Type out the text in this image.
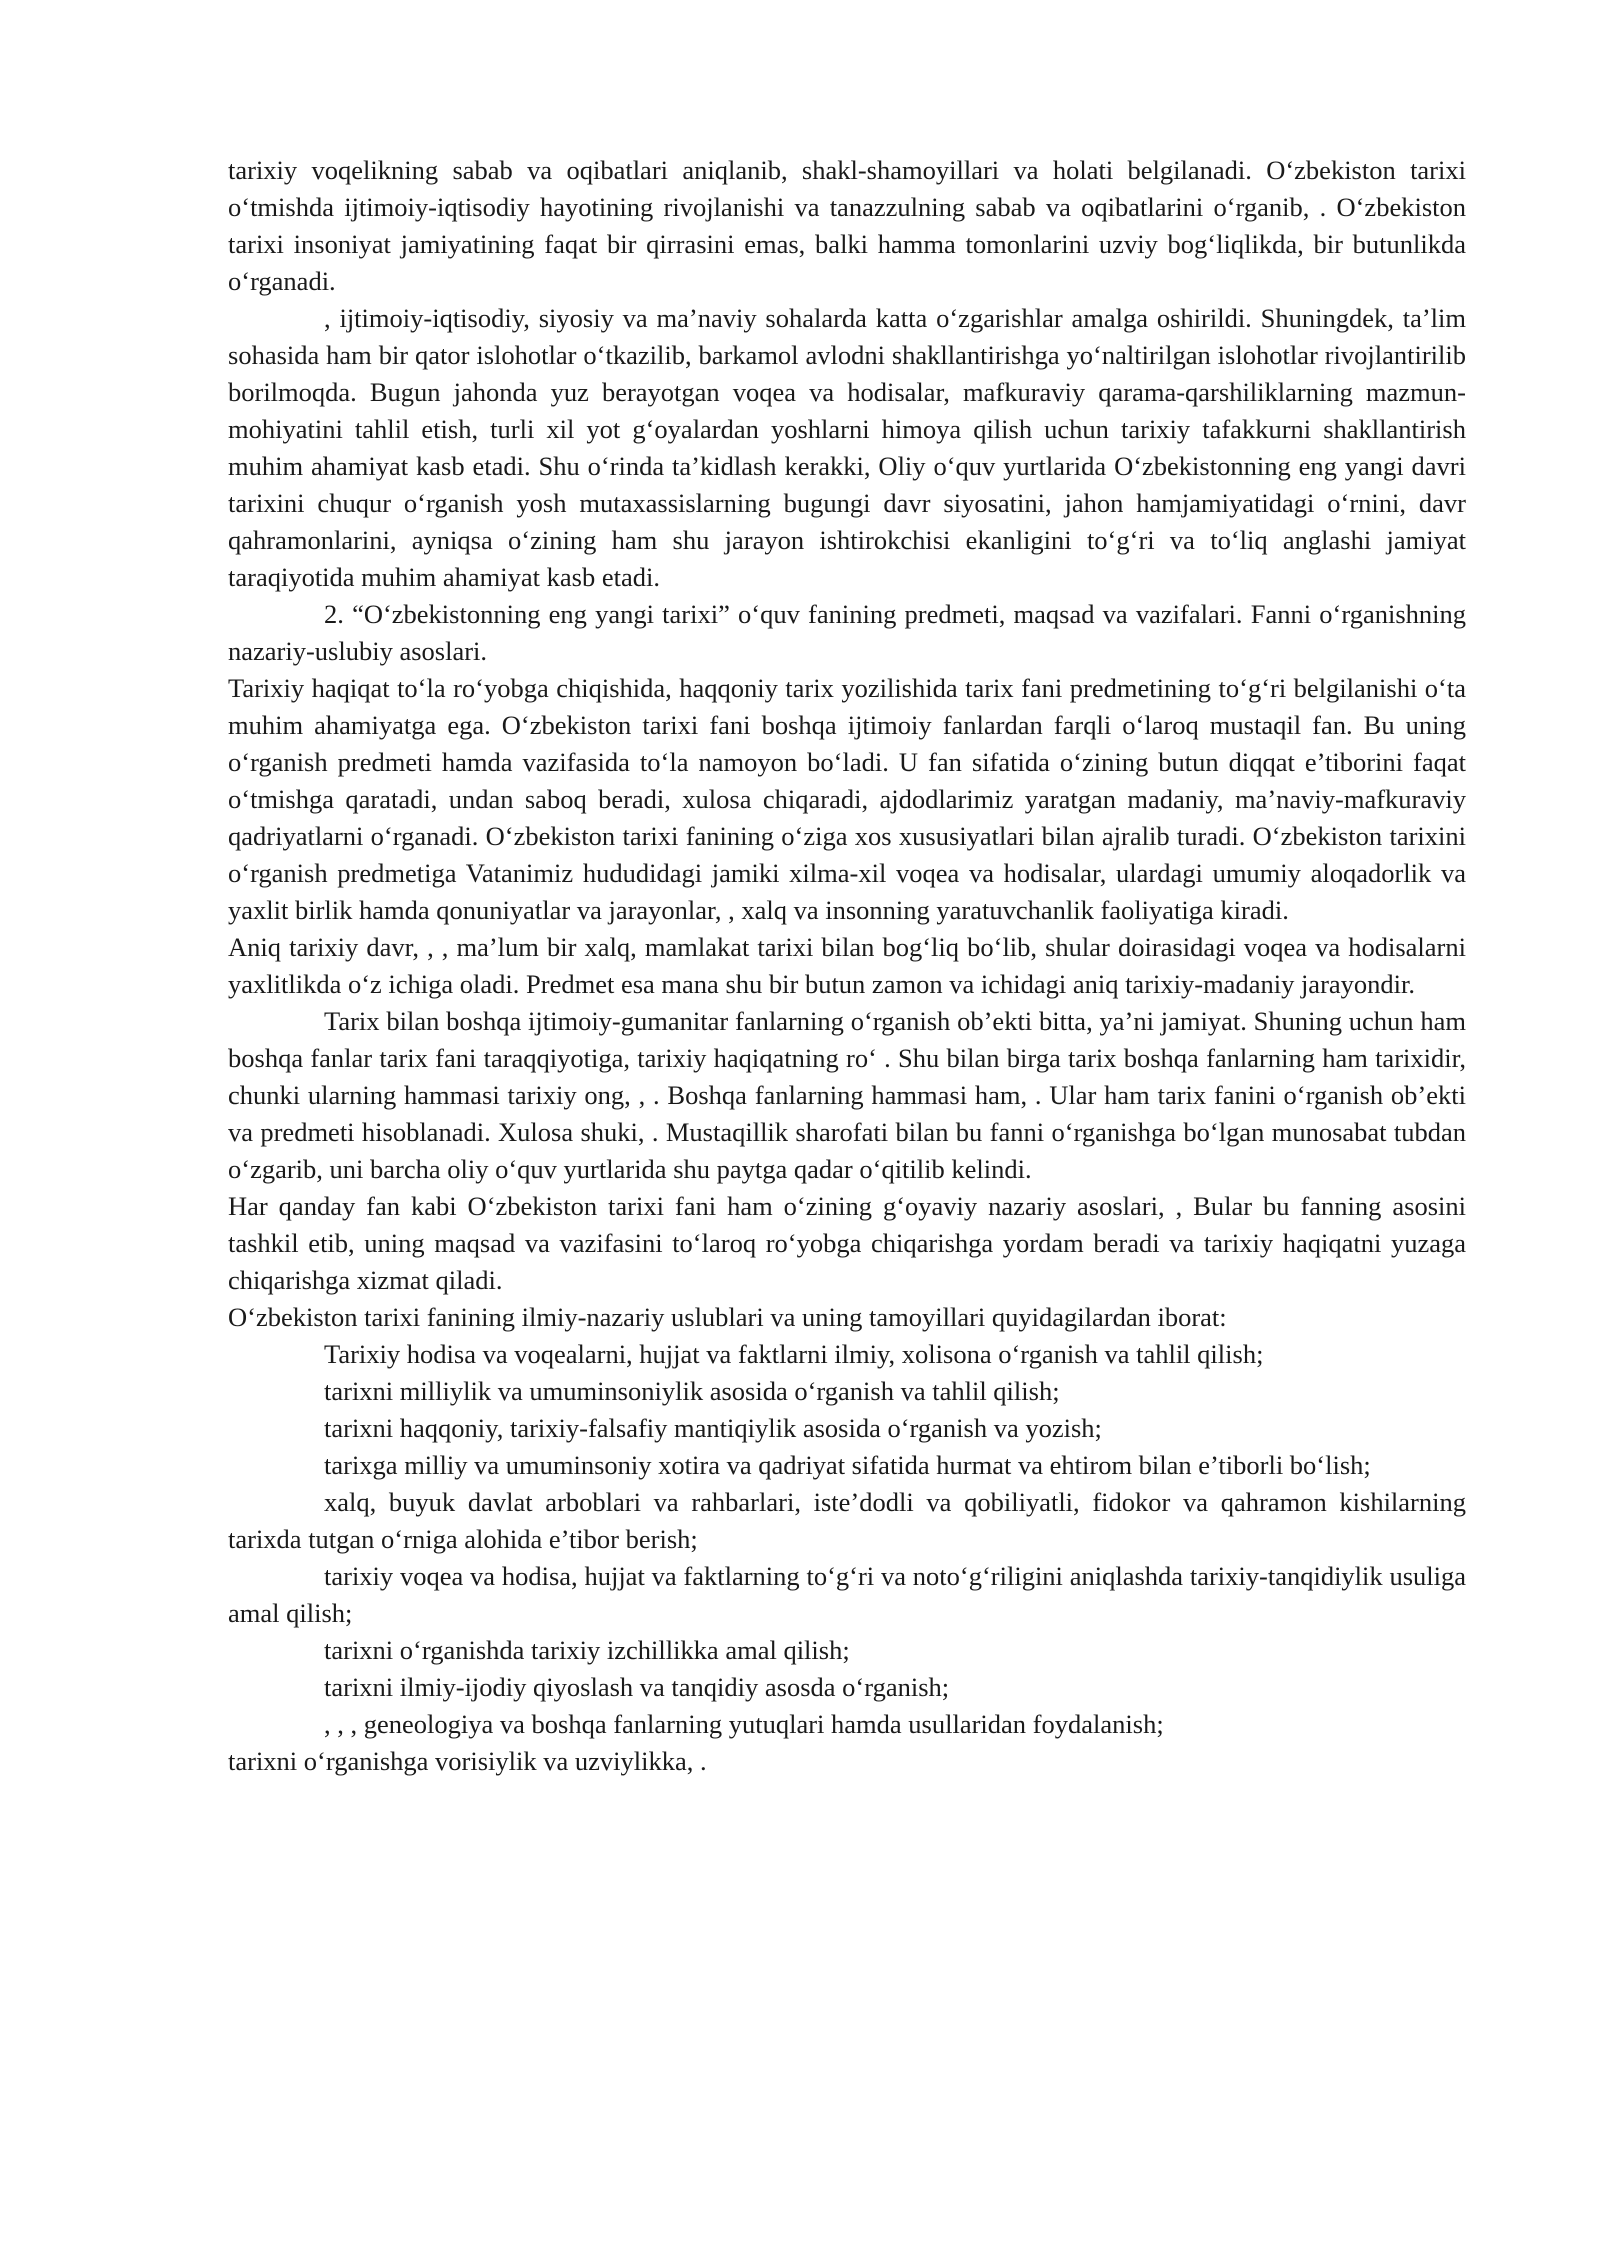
tarixiy voqelikning sabab va oqibatlari aniqlanib, shakl-shamoyillari va holati belgilanadi. O‘zbekiston tarixi o‘tmishda ijtimoiy-iqtisodiy hayotining rivojlanishi va tanazzulning sabab va oqibatlarini o‘rganib, . O‘zbekiston tarixi insoniyat jamiyatining faqat bir qirrasini emas, balki hamma tomonlarini uzviy bog‘liqlikda, bir butunlikda o‘rganadi.

, ijtimoiy-iqtisodiy, siyosiy va ma’naviy sohalarda katta o‘zgarishlar amalga oshirildi. Shuningdek, ta’lim sohasida ham bir qator islohotlar o‘tkazilib, barkamol avlodni shakllantirishga yo‘naltirilgan islohotlar rivojlantirilib borilmoqda. Bugun jahonda yuz berayotgan voqea va hodisalar, mafkuraviy qarama-qarshiliklarning mazmun-mohiyatini tahlil etish, turli xil yot g‘oyalardan yoshlarni himoya qilish uchun tarixiy tafakkurni shakllantirish muhim ahamiyat kasb etadi. Shu o‘rinda ta’kidlash kerakki, Oliy o‘quv yurtlarida O‘zbekistonning eng yangi davri tarixini chuqur o‘rganish yosh mutaxassislarning bugungi davr siyosatini, jahon hamjamiyatidagi o‘rnini, davr qahramonlarini, ayniqsa o‘zining ham shu jarayon ishtirokchisi ekanligini to‘g‘ri va to‘liq anglashi jamiyat taraqiyotida muhim ahamiyat kasb etadi.

2. “O‘zbekistonning eng yangi tarixi” o‘quv fanining predmeti, maqsad va vazifalari. Fanni o‘rganishning nazariy-uslubiy asoslari.

Tarixiy haqiqat to‘la ro‘yobga chiqishida, haqqoniy tarix yozilishida tarix fani predmetining to‘g‘ri belgilanishi o‘ta muhim ahamiyatga ega. O‘zbekiston tarixi fani boshqa ijtimoiy fanlardan farqli o‘laroq mustaqil fan. Bu uning o‘rganish predmeti hamda vazifasida to‘la namoyon bo‘ladi. U fan sifatida o‘zining butun diqqat e’tiborini faqat o‘tmishga qaratadi, undan saboq beradi, xulosa chiqaradi, ajdodlarimiz yaratgan madaniy, ma’naviy-mafkuraviy qadriyatlarni o‘rganadi. O‘zbekiston tarixi fanining o‘ziga xos xususiyatlari bilan ajralib turadi. O‘zbekiston tarixini o‘rganish predmetiga Vatanimiz hududidagi jamiki xilma-xil voqea va hodisalar, ulardagi umumiy aloqadorlik va yaxlit birlik hamda qonuniyatlar va jarayonlar, , xalq va insonning yaratuvchanlik faoliyatiga kiradi.

Aniq tarixiy davr, , , ma’lum bir xalq, mamlakat tarixi bilan bog‘liq bo‘lib, shular doirasidagi voqea va hodisalarni yaxlitlikda o‘z ichiga oladi. Predmet esa mana shu bir butun zamon va ichidagi aniq tarixiy-madaniy jarayondir.

Tarix bilan boshqa ijtimoiy-gumanitar fanlarning o‘rganish ob’ekti bitta, ya’ni jamiyat. Shuning uchun ham boshqa fanlar tarix fani taraqqiyotiga, tarixiy haqiqatning ro‘ . Shu bilan birga tarix boshqa fanlarning ham tarixidir, chunki ularning hammasi tarixiy ong, , . Boshqa fanlarning hammasi ham, . Ular ham tarix fanini o‘rganish ob’ekti va predmeti hisoblanadi. Xulosa shuki, . Mustaqillik sharofati bilan bu fanni o‘rganishga bo‘lgan munosabat tubdan o‘zgarib, uni barcha oliy o‘quv yurtlarida shu paytga qadar o‘qitilib kelindi.

Har qanday fan kabi O‘zbekiston tarixi fani ham o‘zining g‘oyaviy nazariy asoslari, , Bular bu fanning asosini tashkil etib, uning maqsad va vazifasini to‘laroq ro‘yobga chiqarishga yordam beradi va tarixiy haqiqatni yuzaga chiqarishga xizmat qiladi.

O‘zbekiston tarixi fanining ilmiy-nazariy uslublari va uning tamoyillari quyidagilardan iborat:

Tarixiy hodisa va voqealarni, hujjat va faktlarni ilmiy, xolisona o‘rganish va tahlil qilish;

tarixni milliylik va umuminsoniylik asosida o‘rganish va tahlil qilish;

tarixni haqqoniy, tarixiy-falsafiy mantiqiylik asosida o‘rganish va yozish;

tarixga milliy va umuminsoniy xotira va qadriyat sifatida hurmat va ehtirom bilan e’tiborli bo‘lish;

xalq, buyuk davlat arboblari va rahbarlari, iste’dodli va qobiliyatli, fidokor va qahramon kishilarning tarixda tutgan o‘rniga alohida e’tibor berish;

tarixiy voqea va hodisa, hujjat va faktlarning to‘g‘ri va noto‘g‘riligini aniqlashda tarixiy-tanqidiylik usuliga amal qilish;

tarixni o‘rganishda tarixiy izchillikka amal qilish;

tarixni ilmiy-ijodiy qiyoslash va tanqidiy asosda o‘rganish;

, , , geneologiya va boshqa fanlarning yutuqlari hamda usullaridan foydalanish;

tarixni o‘rganishga vorisiylik va uzviylikka, .
